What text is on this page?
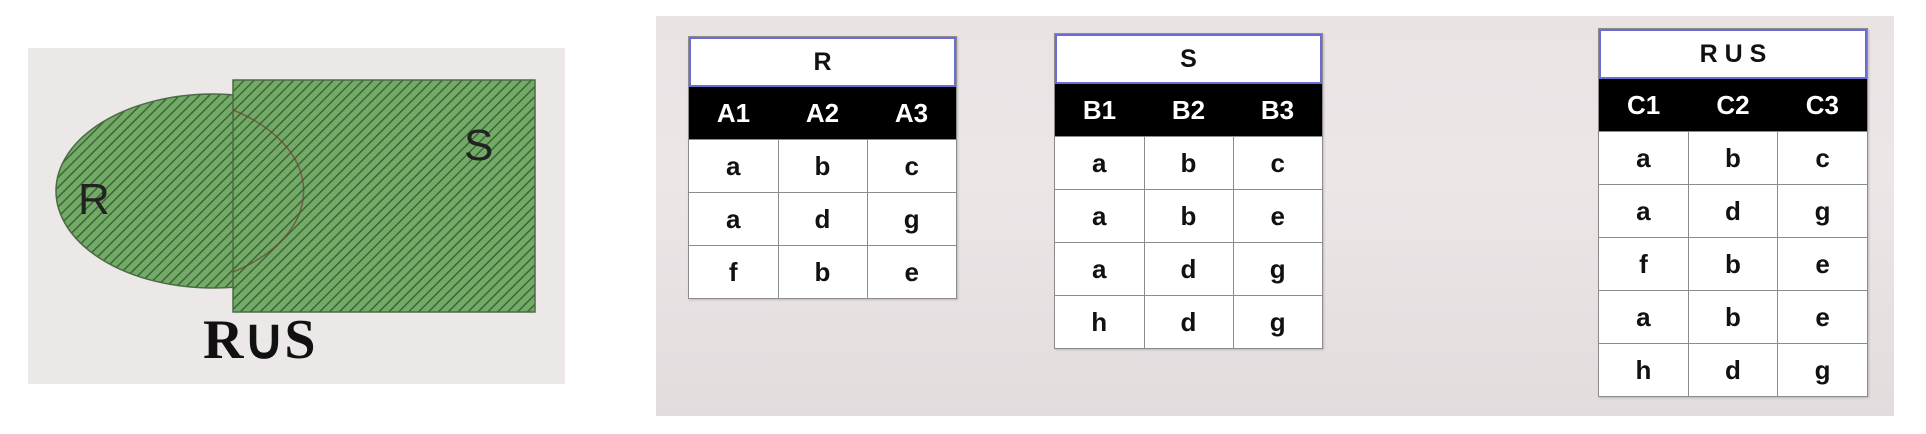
R
S
R∪S
R
A1	A2	A3
a	b	c
a	d	g
f	b	e
S
B1	B2	B3
a	b	c
a	b	e
a	d	g
h	d	g
R U S
C1	C2	C3
a	b	c
a	d	g
f	b	e
a	b	e
h	d	g
